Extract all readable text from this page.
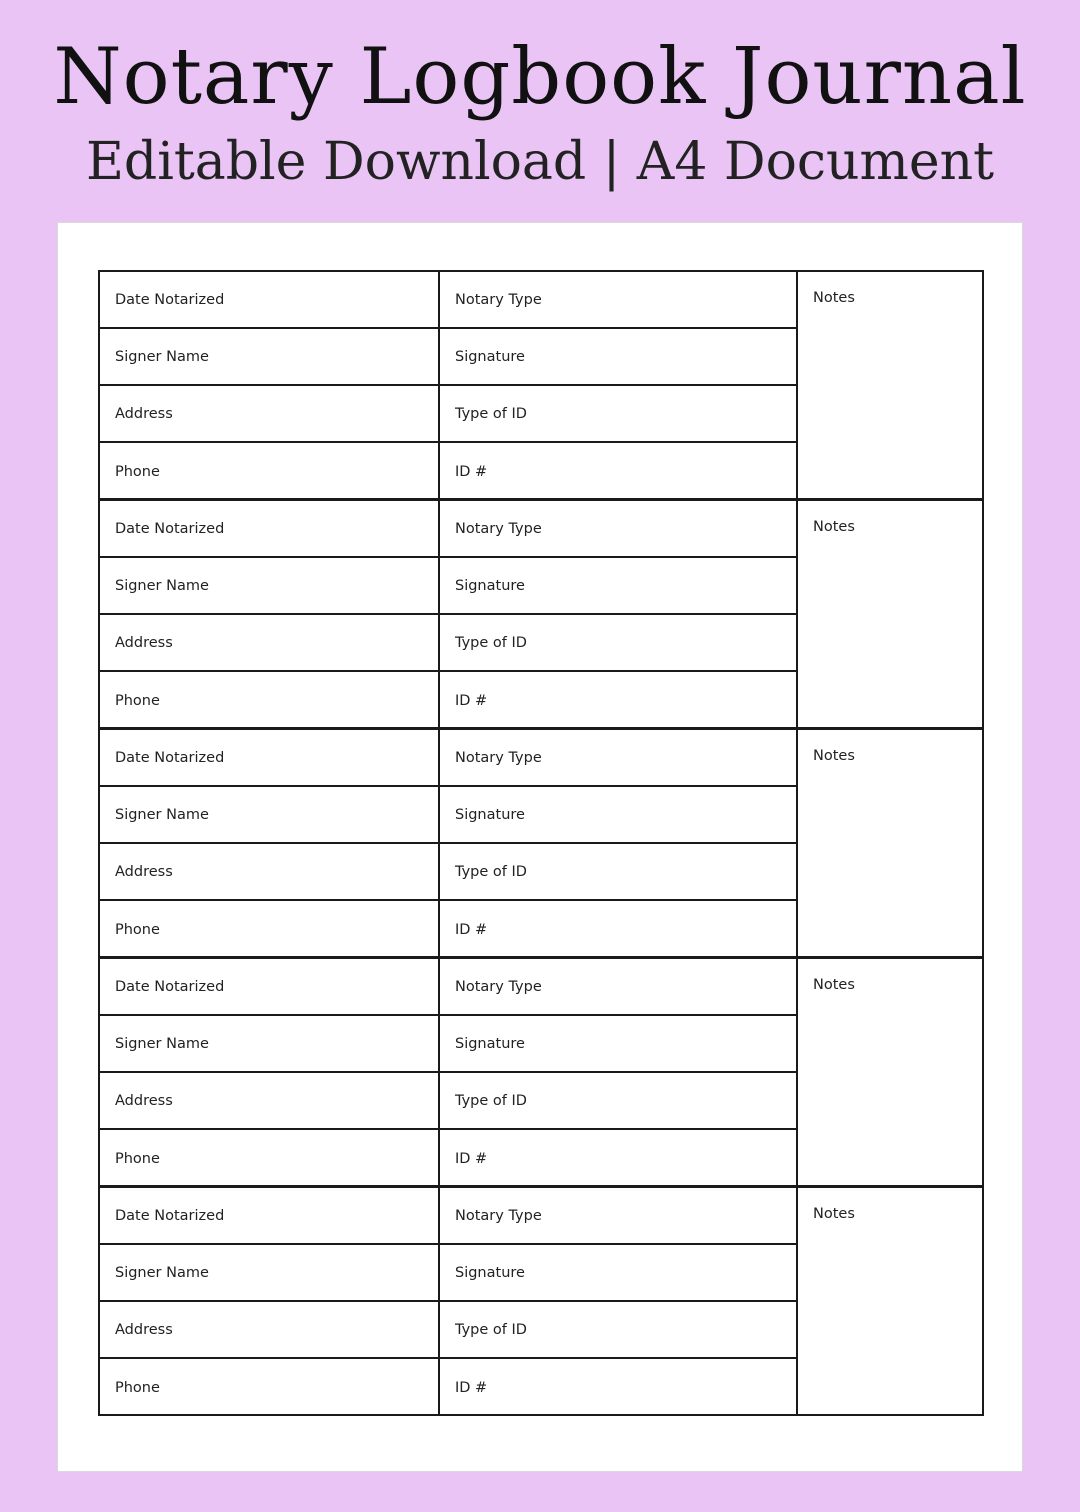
Notary Logbook Journal
Editable Download | A4 Document
Date Notarized	Notary Type	Notes
Signer Name	Signature
Address	Type of ID
Phone	ID #
Date Notarized	Notary Type	Notes
Signer Name	Signature
Address	Type of ID
Phone	ID #
Date Notarized	Notary Type	Notes
Signer Name	Signature
Address	Type of ID
Phone	ID #
Date Notarized	Notary Type	Notes
Signer Name	Signature
Address	Type of ID
Phone	ID #
Date Notarized	Notary Type	Notes
Signer Name	Signature
Address	Type of ID
Phone	ID #
